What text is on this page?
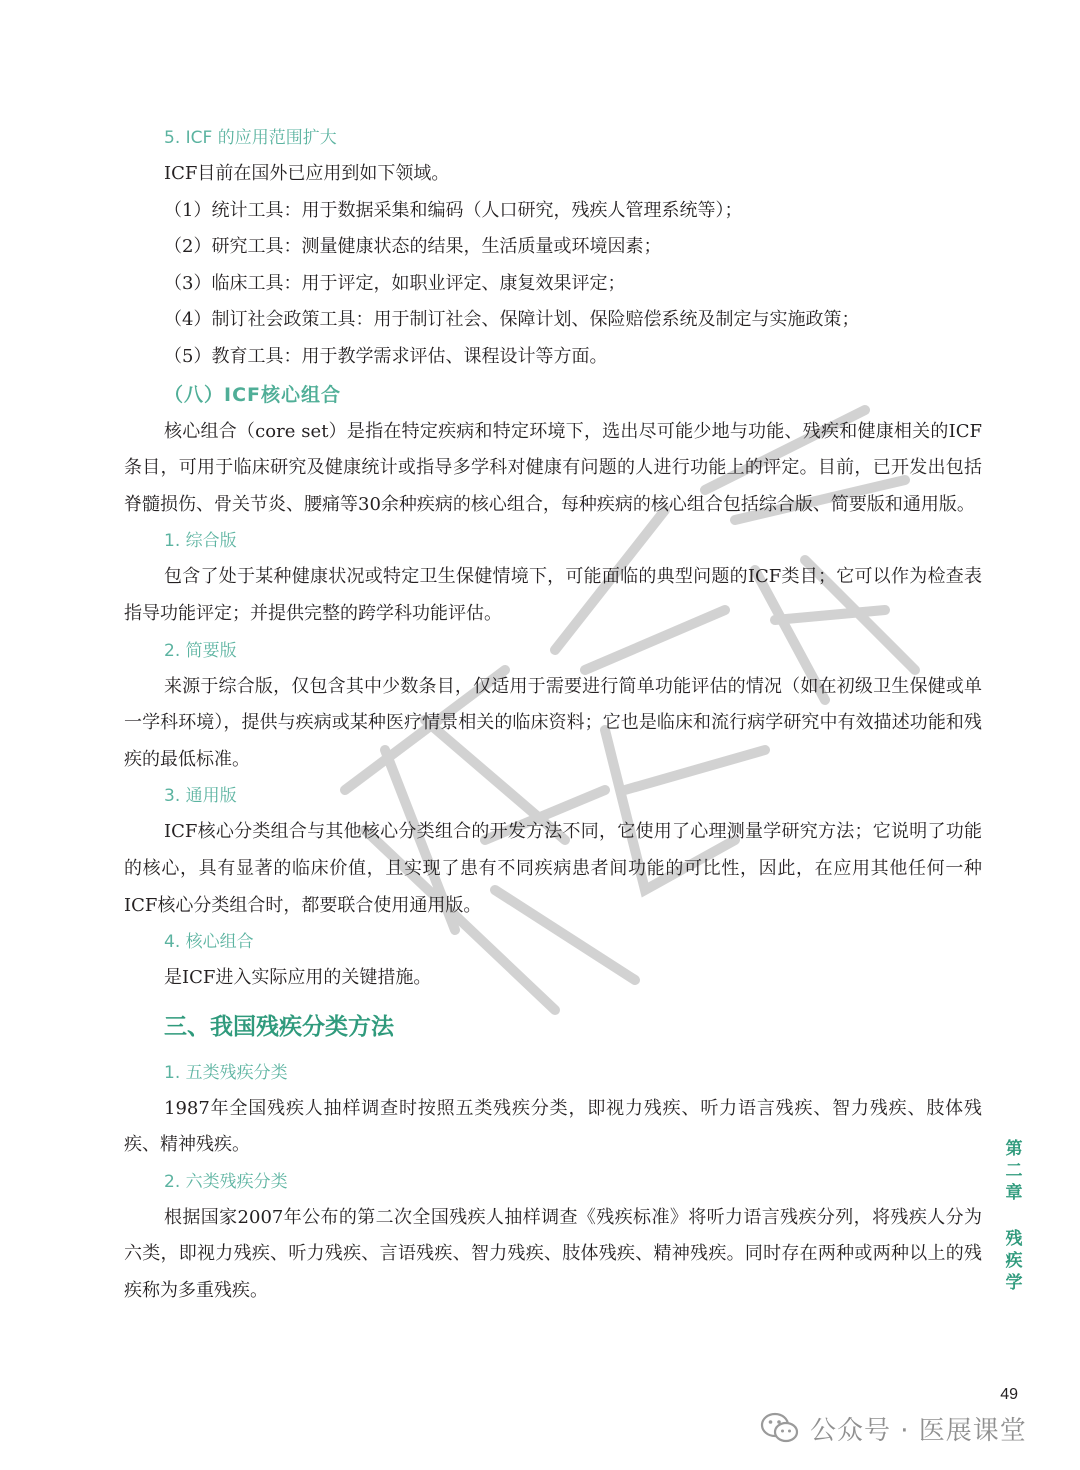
5. ICF 的应用范围扩大

ICF目前在国外已应用到如下领域。

（1）统计工具：用于数据采集和编码（人口研究，残疾人管理系统等）；

（2）研究工具：测量健康状态的结果，生活质量或环境因素；

（3）临床工具：用于评定，如职业评定、康复效果评定；

（4）制订社会政策工具：用于制订社会、保障计划、保险赔偿系统及制定与实施政策；

（5）教育工具：用于教学需求评估、课程设计等方面。

（八）ICF核心组合

核心组合（core set）是指在特定疾病和特定环境下，选出尽可能少地与功能、残疾和健康相关的ICF条目，可用于临床研究及健康统计或指导多学科对健康有问题的人进行功能上的评定。目前，已开发出包括脊髓损伤、骨关节炎、腰痛等30余种疾病的核心组合，每种疾病的核心组合包括综合版、简要版和通用版。

1. 综合版

包含了处于某种健康状况或特定卫生保健情境下，可能面临的典型问题的ICF类目；它可以作为检查表指导功能评定；并提供完整的跨学科功能评估。

2. 简要版

来源于综合版，仅包含其中少数条目，仅适用于需要进行简单功能评估的情况（如在初级卫生保健或单一学科环境），提供与疾病或某种医疗情景相关的临床资料；它也是临床和流行病学研究中有效描述功能和残疾的最低标准。

3. 通用版

ICF核心分类组合与其他核心分类组合的开发方法不同，它使用了心理测量学研究方法；它说明了功能的核心，具有显著的临床价值，且实现了患有不同疾病患者间功能的可比性，因此，在应用其他任何一种ICF核心分类组合时，都要联合使用通用版。

4. 核心组合

是ICF进入实际应用的关键措施。

三、我国残疾分类方法
1. 五类残疾分类

1987年全国残疾人抽样调查时按照五类残疾分类，即视力残疾、听力语言残疾、智力残疾、肢体残疾、精神残疾。

2. 六类残疾分类

根据国家2007年公布的第二次全国残疾人抽样调查《残疾标准》将听力语言残疾分列，将残疾人分为六类，即视力残疾、听力残疾、言语残疾、智力残疾、肢体残疾、精神残疾。同时存在两种或两种以上的残疾称为多重残疾。

第
二
章
残
疾
学
49
公众号 · 医展课堂
